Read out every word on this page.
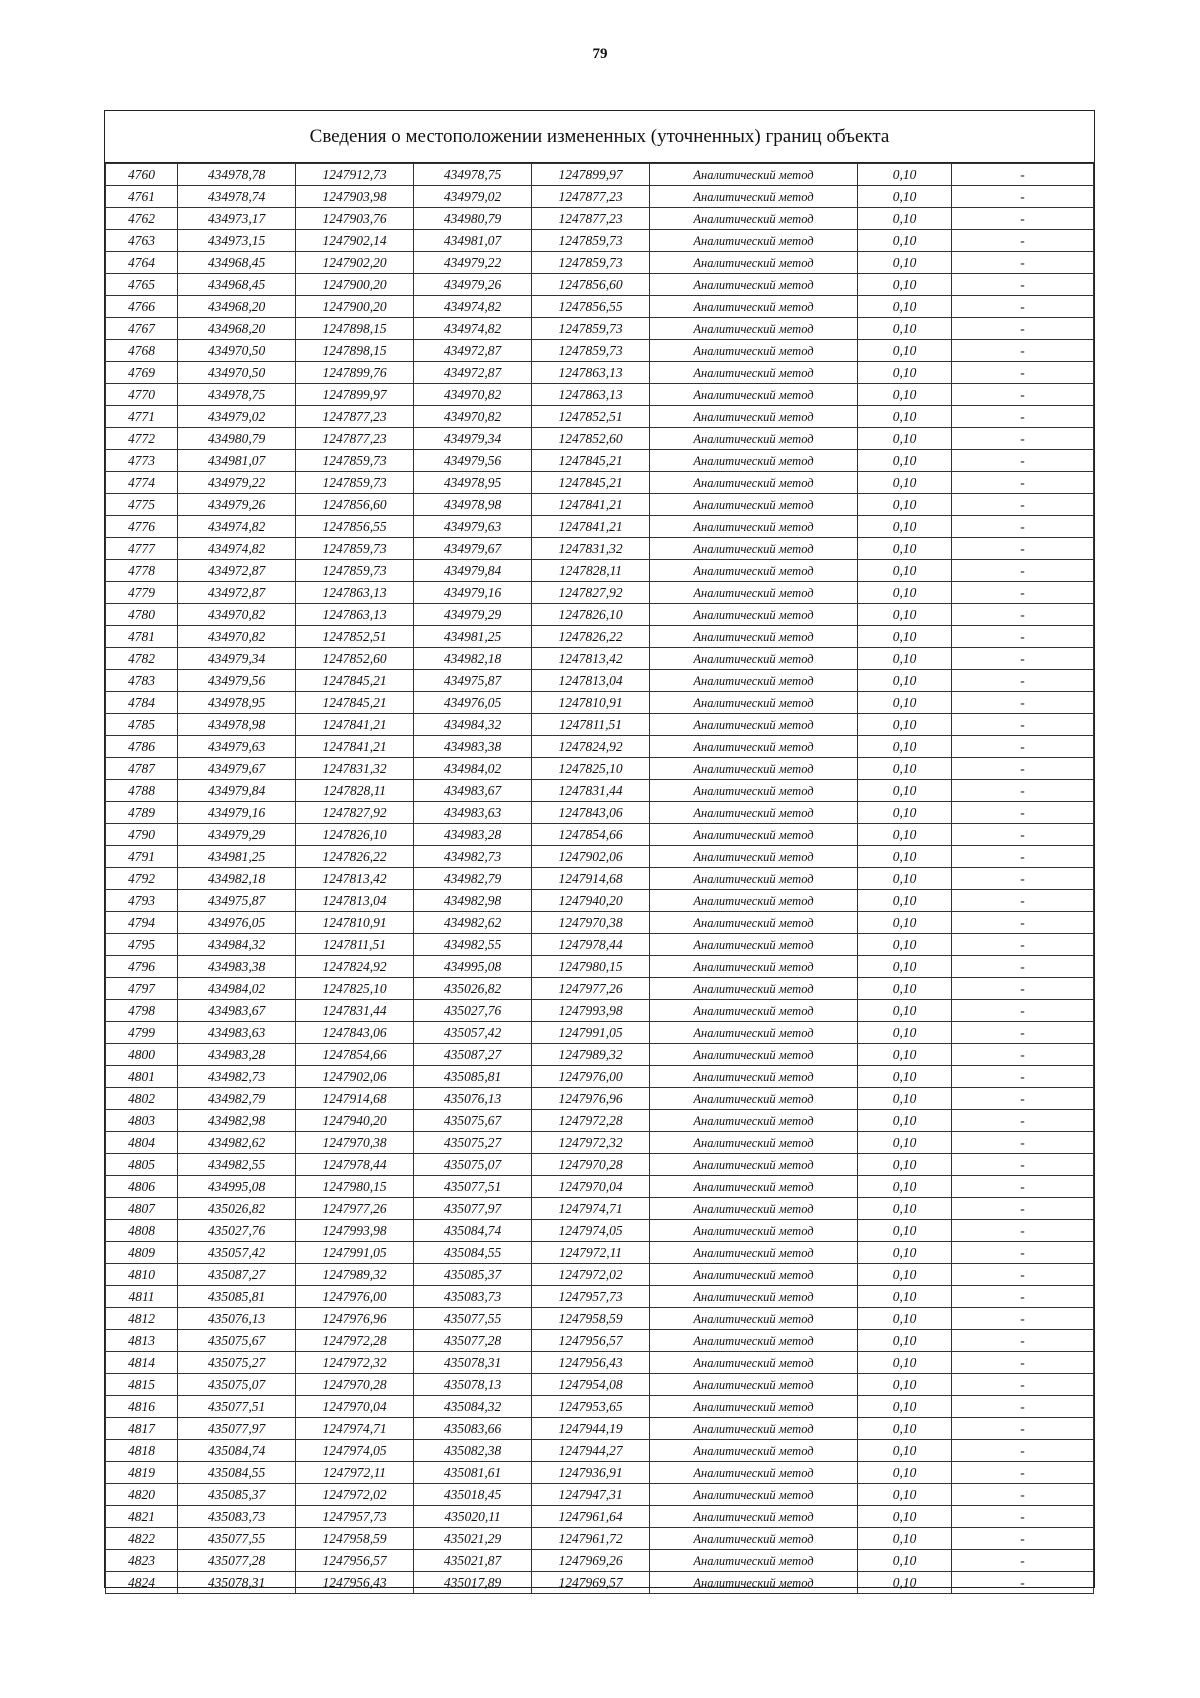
79
Сведения о местоположении измененных (уточненных) границ объекта
4760	434978,78	1247912,73	434978,75	1247899,97	Аналитический метод	0,10	-
4761	434978,74	1247903,98	434979,02	1247877,23	Аналитический метод	0,10	-
4762	434973,17	1247903,76	434980,79	1247877,23	Аналитический метод	0,10	-
4763	434973,15	1247902,14	434981,07	1247859,73	Аналитический метод	0,10	-
4764	434968,45	1247902,20	434979,22	1247859,73	Аналитический метод	0,10	-
4765	434968,45	1247900,20	434979,26	1247856,60	Аналитический метод	0,10	-
4766	434968,20	1247900,20	434974,82	1247856,55	Аналитический метод	0,10	-
4767	434968,20	1247898,15	434974,82	1247859,73	Аналитический метод	0,10	-
4768	434970,50	1247898,15	434972,87	1247859,73	Аналитический метод	0,10	-
4769	434970,50	1247899,76	434972,87	1247863,13	Аналитический метод	0,10	-
4770	434978,75	1247899,97	434970,82	1247863,13	Аналитический метод	0,10	-
4771	434979,02	1247877,23	434970,82	1247852,51	Аналитический метод	0,10	-
4772	434980,79	1247877,23	434979,34	1247852,60	Аналитический метод	0,10	-
4773	434981,07	1247859,73	434979,56	1247845,21	Аналитический метод	0,10	-
4774	434979,22	1247859,73	434978,95	1247845,21	Аналитический метод	0,10	-
4775	434979,26	1247856,60	434978,98	1247841,21	Аналитический метод	0,10	-
4776	434974,82	1247856,55	434979,63	1247841,21	Аналитический метод	0,10	-
4777	434974,82	1247859,73	434979,67	1247831,32	Аналитический метод	0,10	-
4778	434972,87	1247859,73	434979,84	1247828,11	Аналитический метод	0,10	-
4779	434972,87	1247863,13	434979,16	1247827,92	Аналитический метод	0,10	-
4780	434970,82	1247863,13	434979,29	1247826,10	Аналитический метод	0,10	-
4781	434970,82	1247852,51	434981,25	1247826,22	Аналитический метод	0,10	-
4782	434979,34	1247852,60	434982,18	1247813,42	Аналитический метод	0,10	-
4783	434979,56	1247845,21	434975,87	1247813,04	Аналитический метод	0,10	-
4784	434978,95	1247845,21	434976,05	1247810,91	Аналитический метод	0,10	-
4785	434978,98	1247841,21	434984,32	1247811,51	Аналитический метод	0,10	-
4786	434979,63	1247841,21	434983,38	1247824,92	Аналитический метод	0,10	-
4787	434979,67	1247831,32	434984,02	1247825,10	Аналитический метод	0,10	-
4788	434979,84	1247828,11	434983,67	1247831,44	Аналитический метод	0,10	-
4789	434979,16	1247827,92	434983,63	1247843,06	Аналитический метод	0,10	-
4790	434979,29	1247826,10	434983,28	1247854,66	Аналитический метод	0,10	-
4791	434981,25	1247826,22	434982,73	1247902,06	Аналитический метод	0,10	-
4792	434982,18	1247813,42	434982,79	1247914,68	Аналитический метод	0,10	-
4793	434975,87	1247813,04	434982,98	1247940,20	Аналитический метод	0,10	-
4794	434976,05	1247810,91	434982,62	1247970,38	Аналитический метод	0,10	-
4795	434984,32	1247811,51	434982,55	1247978,44	Аналитический метод	0,10	-
4796	434983,38	1247824,92	434995,08	1247980,15	Аналитический метод	0,10	-
4797	434984,02	1247825,10	435026,82	1247977,26	Аналитический метод	0,10	-
4798	434983,67	1247831,44	435027,76	1247993,98	Аналитический метод	0,10	-
4799	434983,63	1247843,06	435057,42	1247991,05	Аналитический метод	0,10	-
4800	434983,28	1247854,66	435087,27	1247989,32	Аналитический метод	0,10	-
4801	434982,73	1247902,06	435085,81	1247976,00	Аналитический метод	0,10	-
4802	434982,79	1247914,68	435076,13	1247976,96	Аналитический метод	0,10	-
4803	434982,98	1247940,20	435075,67	1247972,28	Аналитический метод	0,10	-
4804	434982,62	1247970,38	435075,27	1247972,32	Аналитический метод	0,10	-
4805	434982,55	1247978,44	435075,07	1247970,28	Аналитический метод	0,10	-
4806	434995,08	1247980,15	435077,51	1247970,04	Аналитический метод	0,10	-
4807	435026,82	1247977,26	435077,97	1247974,71	Аналитический метод	0,10	-
4808	435027,76	1247993,98	435084,74	1247974,05	Аналитический метод	0,10	-
4809	435057,42	1247991,05	435084,55	1247972,11	Аналитический метод	0,10	-
4810	435087,27	1247989,32	435085,37	1247972,02	Аналитический метод	0,10	-
4811	435085,81	1247976,00	435083,73	1247957,73	Аналитический метод	0,10	-
4812	435076,13	1247976,96	435077,55	1247958,59	Аналитический метод	0,10	-
4813	435075,67	1247972,28	435077,28	1247956,57	Аналитический метод	0,10	-
4814	435075,27	1247972,32	435078,31	1247956,43	Аналитический метод	0,10	-
4815	435075,07	1247970,28	435078,13	1247954,08	Аналитический метод	0,10	-
4816	435077,51	1247970,04	435084,32	1247953,65	Аналитический метод	0,10	-
4817	435077,97	1247974,71	435083,66	1247944,19	Аналитический метод	0,10	-
4818	435084,74	1247974,05	435082,38	1247944,27	Аналитический метод	0,10	-
4819	435084,55	1247972,11	435081,61	1247936,91	Аналитический метод	0,10	-
4820	435085,37	1247972,02	435018,45	1247947,31	Аналитический метод	0,10	-
4821	435083,73	1247957,73	435020,11	1247961,64	Аналитический метод	0,10	-
4822	435077,55	1247958,59	435021,29	1247961,72	Аналитический метод	0,10	-
4823	435077,28	1247956,57	435021,87	1247969,26	Аналитический метод	0,10	-
4824	435078,31	1247956,43	435017,89	1247969,57	Аналитический метод	0,10	-
